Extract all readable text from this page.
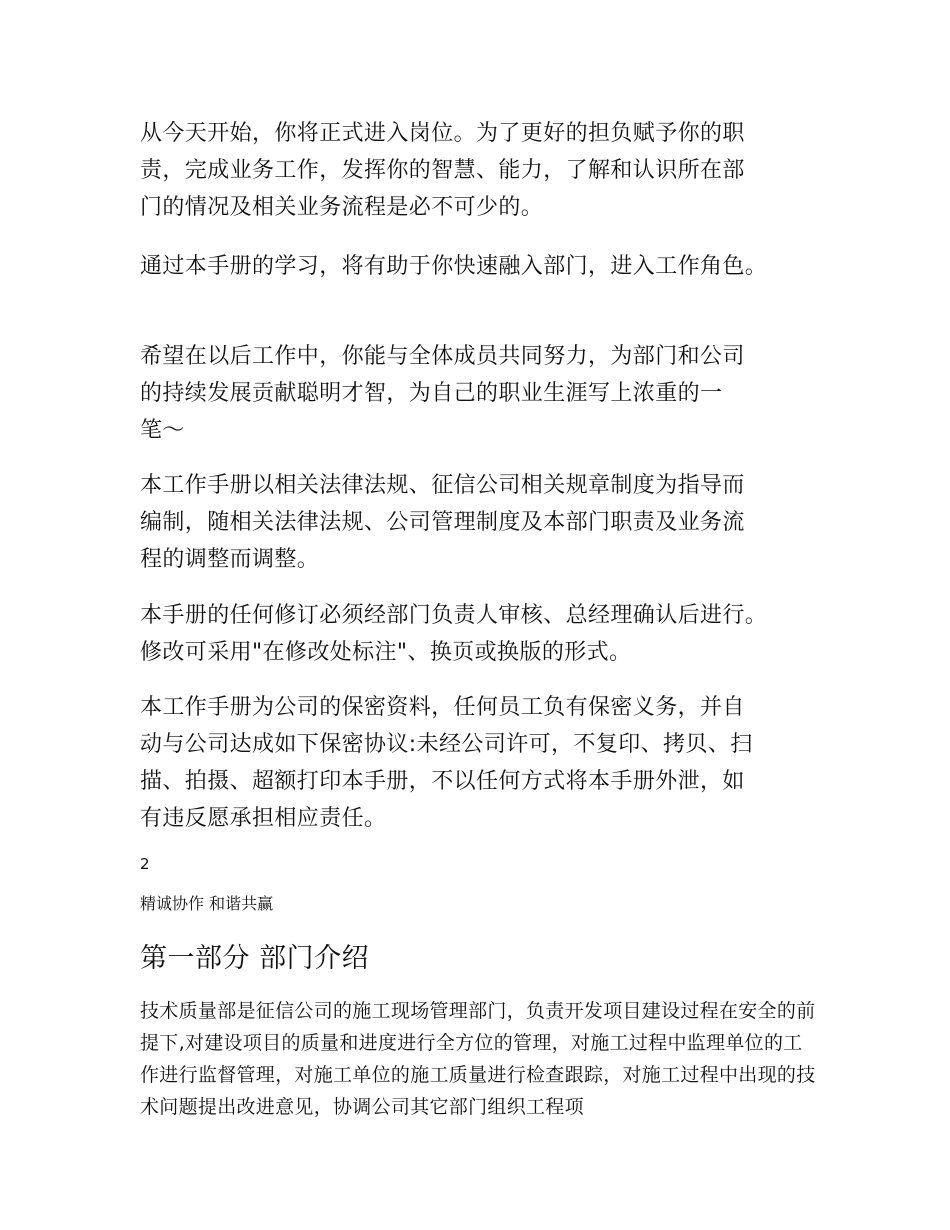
从今天开始，你将正式进入岗位。为了更好的担负赋予你的职
责，完成业务工作，发挥你的智慧、能力，了解和认识所在部
门的情况及相关业务流程是必不可少的。

通过本手册的学习，将有助于你快速融入部门，进入工作角色。

希望在以后工作中，你能与全体成员共同努力，为部门和公司
的持续发展贡献聪明才智，为自己的职业生涯写上浓重的一
笔～

本工作手册以相关法律法规、征信公司相关规章制度为指导而
编制，随相关法律法规、公司管理制度及本部门职责及业务流
程的调整而调整。

本手册的任何修订必须经部门负责人审核、总经理确认后进行。
修改可采用"在修改处标注"、换页或换版的形式。

本工作手册为公司的保密资料，任何员工负有保密义务，并自
动与公司达成如下保密协议:未经公司许可，不复印、拷贝、扫
描、拍摄、超额打印本手册，不以任何方式将本手册外泄，如
有违反愿承担相应责任。

2

精诚协作 和谐共赢

第一部分 部门介绍

技术质量部是征信公司的施工现场管理部门，负责开发项目建设过程在安全的前提下,对建设项目的质量和进度进行全方位的管理，对施工过程中监理单位的工作进行监督管理，对施工单位的施工质量进行检查跟踪，对施工过程中出现的技术问题提出改进意见，协调公司其它部门组织工程项
